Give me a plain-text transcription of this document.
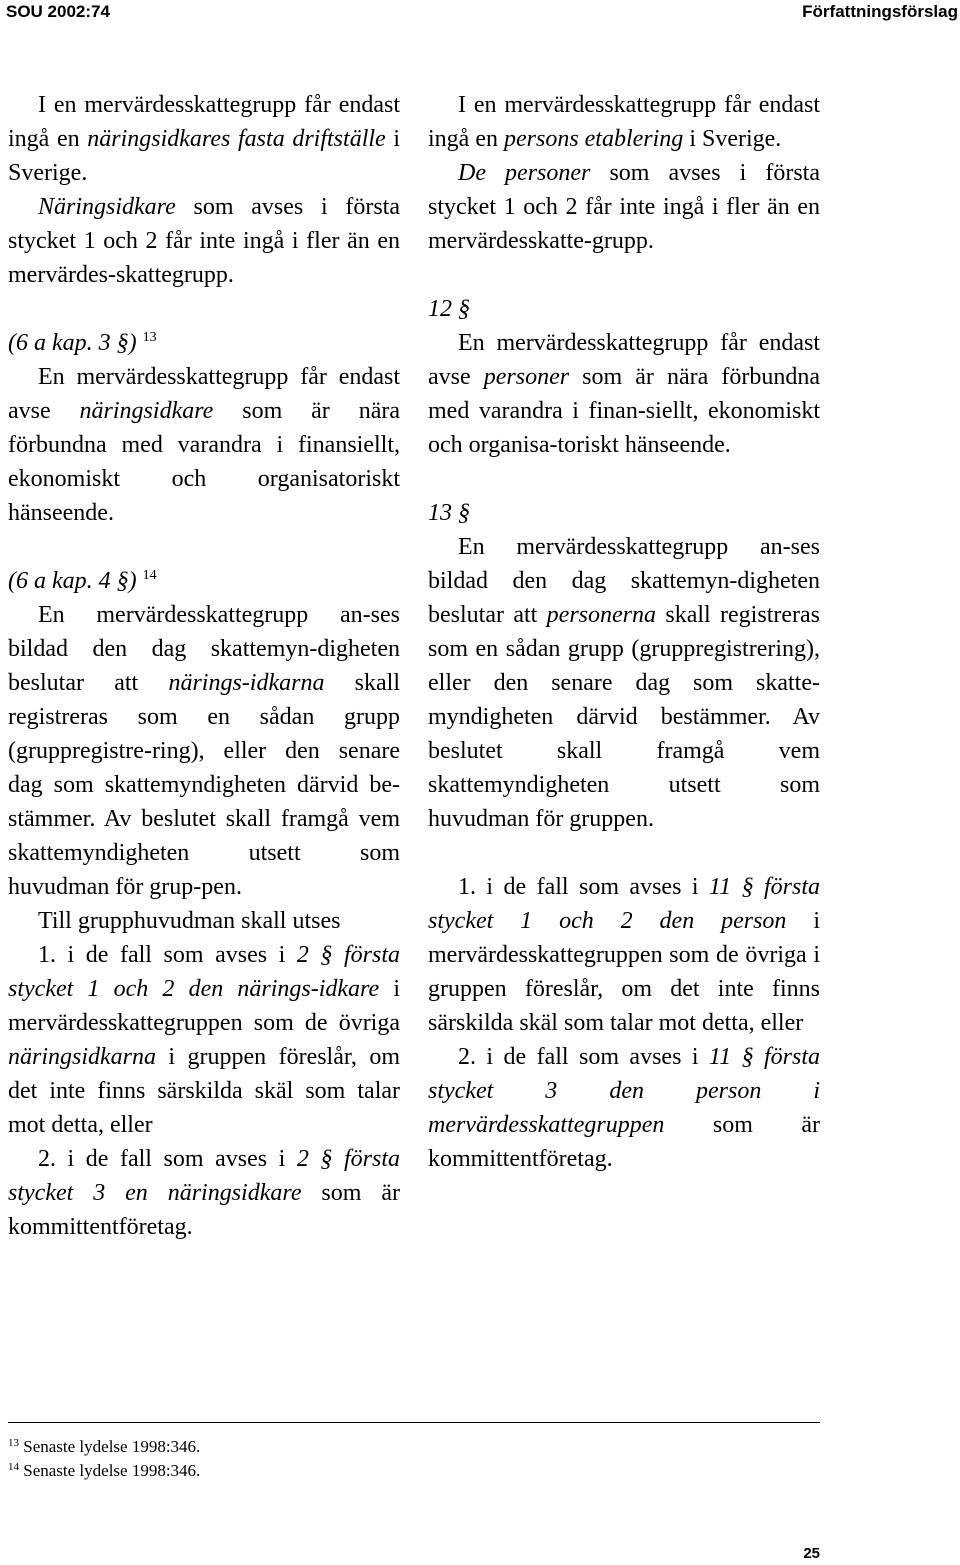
SOU 2002:74	Författningsförslag

I en mervärdesskattegrupp får endast ingå en näringsidkares fasta driftställe i Sverige.

Näringsidkare som avses i första stycket 1 och 2 får inte ingå i fler än en mervärdes-skattegrupp.

(6 a kap. 3 §) $^{13}$

En mervärdesskattegrupp får endast avse näringsidkare som är nära förbundna med varandra i finansiellt, ekonomiskt och organisatoriskt hänseende.

(6 a kap. 4 §) $^{14}$

En mervärdesskattegrupp an-ses bildad den dag skattemyn-digheten beslutar att närings-idkarna skall registreras som en sådan grupp (gruppregistre-ring), eller den senare dag som skattemyndigheten därvid be-stämmer. Av beslutet skall framgå vem skattemyndigheten utsett som huvudman för grup-pen.

Till grupphuvudman skall utses

1. i de fall som avses i 2 § första stycket 1 och 2 den närings-idkare i mervärdesskattegruppen som de övriga näringsidkarna i gruppen föreslår, om det inte finns särskilda skäl som talar mot detta, eller

2. i de fall som avses i 2 § första stycket 3 en näringsidkare som är kommittentföretag.

I en mervärdesskattegrupp får endast ingå en persons etablering i Sverige.

De personer som avses i första stycket 1 och 2 får inte ingå i fler än en mervärdesskatte-grupp.

12 §

En mervärdesskattegrupp får endast avse personer som är nära förbundna med varandra i finan-siellt, ekonomiskt och organisa-toriskt hänseende.

13 §

En mervärdesskattegrupp an-ses bildad den dag skattemyn-digheten beslutar att personerna skall registreras som en sådan grupp (gruppregistrering), eller den senare dag som skatte-myndigheten därvid bestämmer. Av beslutet skall framgå vem skattemyndigheten utsett som huvudman för gruppen.

1. i de fall som avses i 11 § första stycket 1 och 2 den person i mervärdesskattegruppen som de övriga i gruppen föreslår, om det inte finns särskilda skäl som talar mot detta, eller

2. i de fall som avses i 11 § första stycket 3 den person i mervärdesskattegruppen som är kommittentföretag.

$^{13}$ Senaste lydelse 1998:346.
$^{14}$ Senaste lydelse 1998:346.
25
